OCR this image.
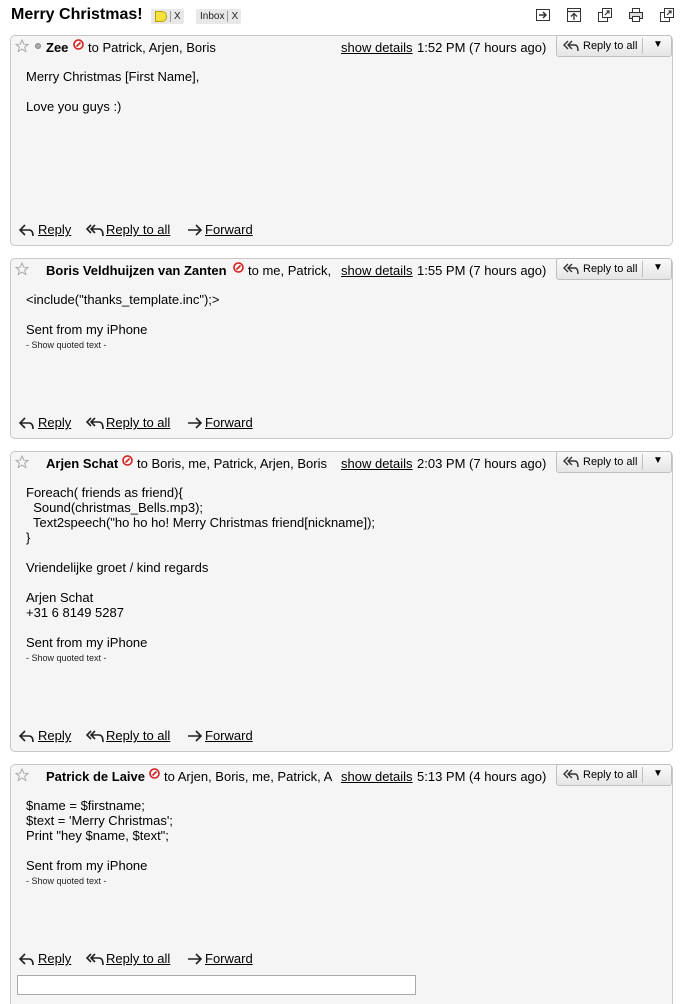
Merry Christmas!	X	Inbox X
Zee to Patrick, Arjen, Boris	show details 1:52 PM (7 hours ago)	Reply to all ▼
Merry Christmas [First Name],

Love you guys :)
Reply	Reply to all	Forward
Boris Veldhuijzen van Zanten to me, Patrick, show details 1:55 PM (7 hours ago)	Reply to all ▼
<include("thanks_template.inc");>

Sent from my iPhone
- Show quoted text -
Reply	Reply to all	Forward
Arjen Schat to Boris, me, Patrick, Arjen, Boris	show details 2:03 PM (7 hours ago)	Reply to all ▼
Foreach( friends as friend){
Sound(christmas_Bells.mp3);
Text2speech("ho ho ho! Merry Christmas friend[nickname]);
}

Vriendelijke groet / kind regards

Arjen Schat
+31 6 8149 5287

Sent from my iPhone
- Show quoted text -
Reply	Reply to all	Forward
Patrick de Laive to Arjen, Boris, me, Patrick, A show details 5:13 PM (4 hours ago)	Reply to all ▼
$name = $firstname;
$text = 'Merry Christmas';
Print "hey $name, $text";

Sent from my iPhone
- Show quoted text -
Reply	Reply to all	Forward
